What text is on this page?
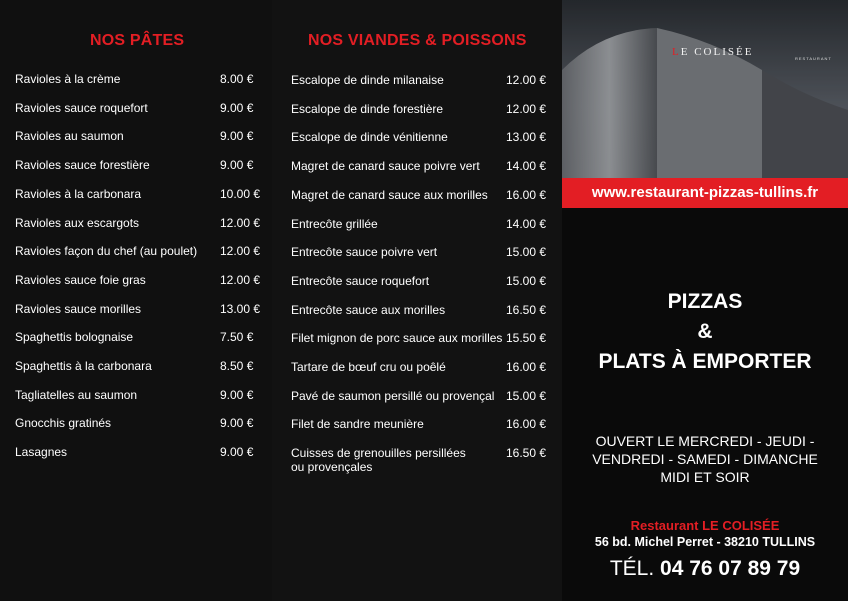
NOS PÂTES
Ravioles à la crème	8.00 €
Ravioles sauce roquefort	9.00 €
Ravioles au saumon	9.00 €
Ravioles sauce forestière	9.00 €
Ravioles à la carbonara	10.00 €
Ravioles aux escargots	12.00 €
Ravioles façon du chef (au poulet) 12.00 €
Ravioles sauce foie gras	12.00 €
Ravioles sauce morilles	13.00 €
Spaghettis bolognaise	7.50 €
Spaghettis à la carbonara	8.50 €
Tagliatelles au saumon	9.00 €
Gnocchis gratinés	9.00 €
Lasagnes	9.00 €
NOS VIANDES & POISSONS
Escalope de dinde milanaise	12.00 €
Escalope de dinde forestière	12.00 €
Escalope de dinde vénitienne	13.00 €
Magret de canard sauce poivre vert 14.00 €
Magret de canard sauce aux morilles 16.00 €
Entrecôte grillée	14.00 €
Entrecôte sauce poivre vert	15.00 €
Entrecôte sauce roquefort	15.00 €
Entrecôte sauce aux morilles	16.50 €
Filet mignon de porc sauce aux morilles 15.50 €
Tartare de bœuf cru ou poêlé	16.00 €
Pavé de saumon persillé ou provençal 15.00 €
Filet de sandre meunière	16.00 €
Cuisses de grenouilles persillées
ou provençales
16.50 €
LE COLISÉE
RESTAURANT
www.restaurant-pizzas-tullins.fr
PIZZAS
&
PLATS À EMPORTER
OUVERT LE MERCREDI - JEUDI -
VENDREDI - SAMEDI - DIMANCHE
MIDI ET SOIR
Restaurant LE COLISÉE
56 bd. Michel Perret - 38210 TULLINS
TÉL. 04 76 07 89 79
